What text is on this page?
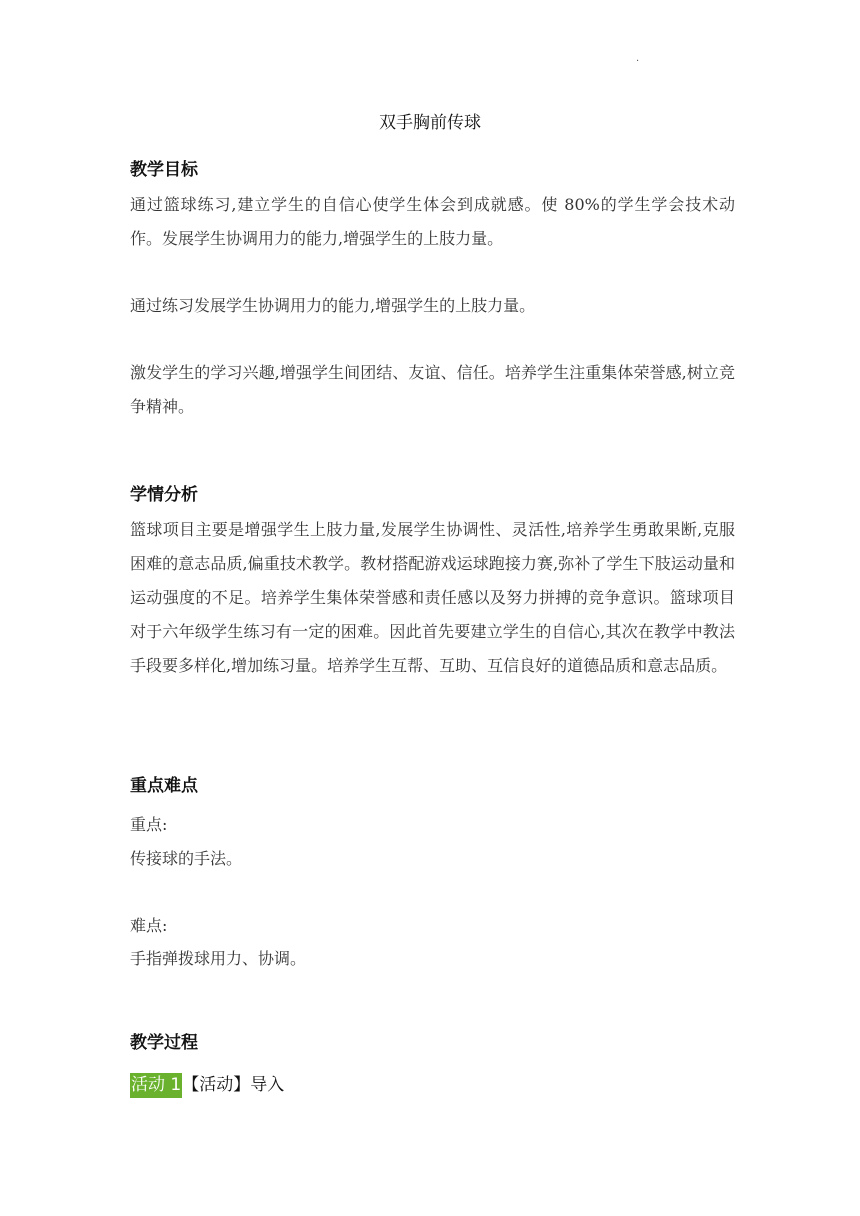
·
双手胸前传球
教学目标
通过篮球练习,建立学生的自信心使学生体会到成就感。使 80%的学生学会技术动作。发展学生协调用力的能力,增强学生的上肢力量。
通过练习发展学生协调用力的能力,增强学生的上肢力量。
激发学生的学习兴趣,增强学生间团结、友谊、信任。培养学生注重集体荣誉感,树立竞争精神。
学情分析
篮球项目主要是增强学生上肢力量,发展学生协调性、灵活性,培养学生勇敢果断,克服困难的意志品质,偏重技术教学。教材搭配游戏运球跑接力赛,弥补了学生下肢运动量和运动强度的不足。培养学生集体荣誉感和责任感以及努力拼搏的竞争意识。篮球项目对于六年级学生练习有一定的困难。因此首先要建立学生的自信心,其次在教学中教法手段要多样化,增加练习量。培养学生互帮、互助、互信良好的道德品质和意志品质。
重点难点
重点:
传接球的手法。
难点:
手指弹拨球用力、协调。
教学过程
活动 1【活动】导入
